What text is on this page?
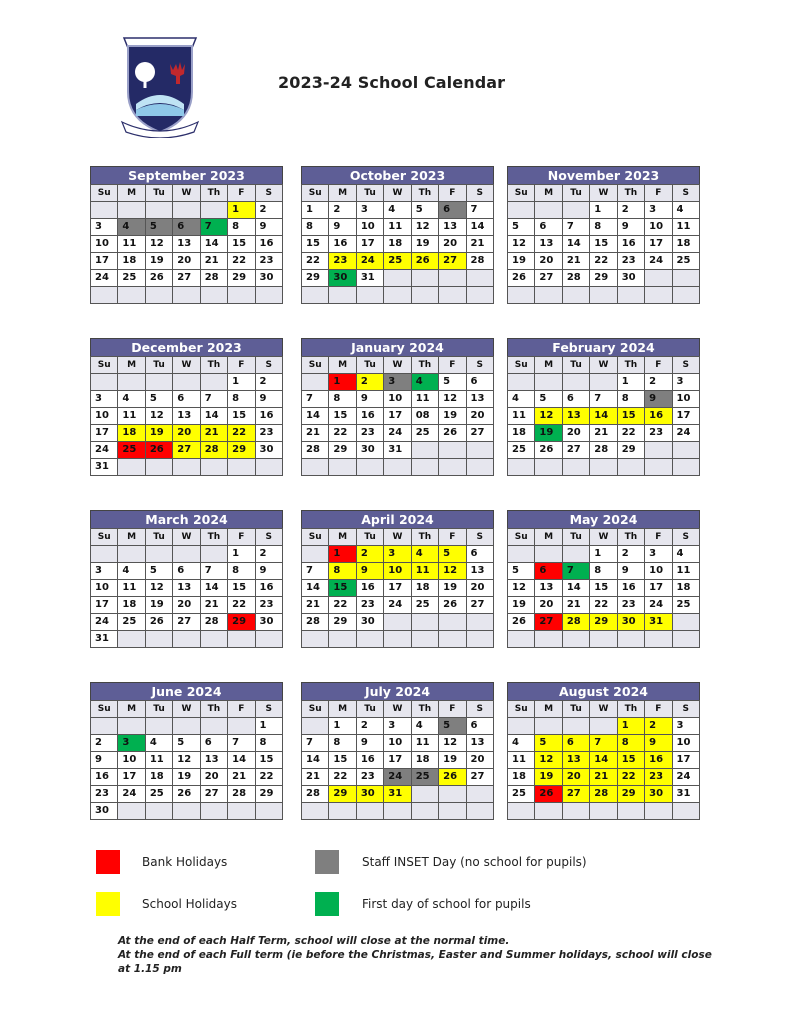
2023-24 School Calendar
September 2023
Su	M	Tu	W	Th	F	S
					1	2
3	4	5	6	7	8	9
10	11	12	13	14	15	16
17	18	19	20	21	22	23
24	25	26	27	28	29	30

October 2023
Su	M	Tu	W	Th	F	S
1	2	3	4	5	6	7
8	9	10	11	12	13	14
15	16	17	18	19	20	21
22	23	24	25	26	27	28
29	30	31				

November 2023
Su	M	Tu	W	Th	F	S
			1	2	3	4
5	6	7	8	9	10	11
12	13	14	15	16	17	18
19	20	21	22	23	24	25
26	27	28	29	30		

December 2023
Su	M	Tu	W	Th	F	S
					1	2
3	4	5	6	7	8	9
10	11	12	13	14	15	16
17	18	19	20	21	22	23
24	25	26	27	28	29	30
31						
January 2024
Su	M	Tu	W	Th	F	S
	1	2	3	4	5	6
7	8	9	10	11	12	13
14	15	16	17	08	19	20
21	22	23	24	25	26	27
28	29	30	31			

February 2024
Su	M	Tu	W	Th	F	S
				1	2	3
4	5	6	7	8	9	10
11	12	13	14	15	16	17
18	19	20	21	22	23	24
25	26	27	28	29		

March 2024
Su	M	Tu	W	Th	F	S
					1	2
3	4	5	6	7	8	9
10	11	12	13	14	15	16
17	18	19	20	21	22	23
24	25	26	27	28	29	30
31						
April 2024
Su	M	Tu	W	Th	F	S
	1	2	3	4	5	6
7	8	9	10	11	12	13
14	15	16	17	18	19	20
21	22	23	24	25	26	27
28	29	30				

May 2024
Su	M	Tu	W	Th	F	S
			1	2	3	4
5	6	7	8	9	10	11
12	13	14	15	16	17	18
19	20	21	22	23	24	25
26	27	28	29	30	31	

June 2024
Su	M	Tu	W	Th	F	S
						1
2	3	4	5	6	7	8
9	10	11	12	13	14	15
16	17	18	19	20	21	22
23	24	25	26	27	28	29
30						
July 2024
Su	M	Tu	W	Th	F	S
	1	2	3	4	5	6
7	8	9	10	11	12	13
14	15	16	17	18	19	20
21	22	23	24	25	26	27
28	29	30	31			

August 2024
Su	M	Tu	W	Th	F	S
				1	2	3
4	5	6	7	8	9	10
11	12	13	14	15	16	17
18	19	20	21	22	23	24
25	26	27	28	29	30	31

Bank Holidays	Staff INSET Day (no school for pupils)
School Holidays	First day of school for pupils
At the end of each Half Term, school will close at the normal time.
At the end of each Full term (ie before the Christmas, Easter and Summer holidays, school will close at 1.15 pm
